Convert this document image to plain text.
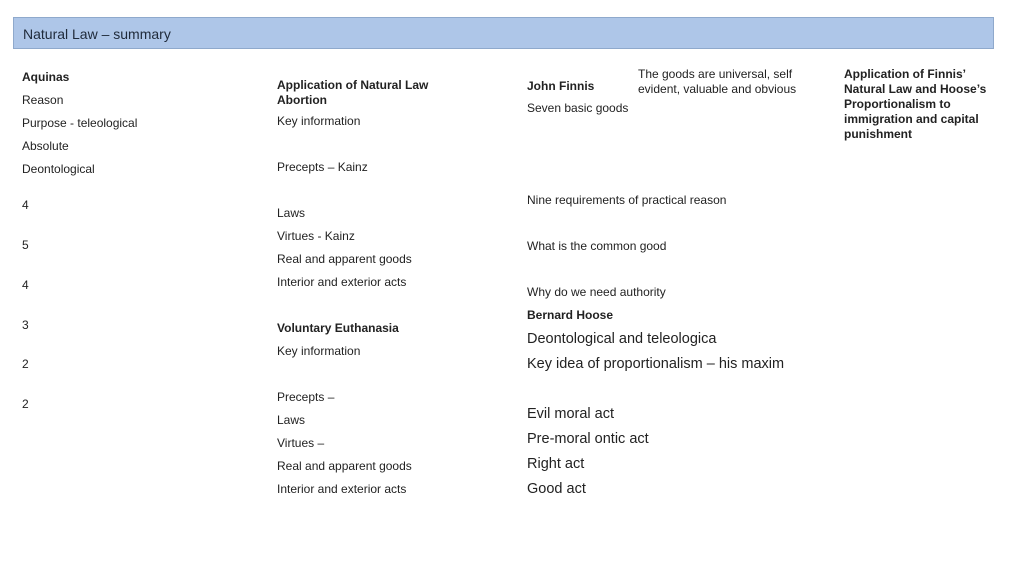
Natural Law – summary
Aquinas
Reason
Purpose - teleological
Absolute
Deontological
4
5
4
3
2
2
Application of Natural Law
Abortion
Key information
Precepts – Kainz
Laws
Virtues - Kainz
Real and apparent goods
Interior and exterior acts
Voluntary Euthanasia
Key information
Precepts –
Laws
Virtues –
Real and apparent goods
Interior and exterior acts
John Finnis
Seven basic goods
The goods are universal, self evident, valuable and obvious
Nine requirements of practical reason
What is the common good
Why do we need authority
Bernard Hoose
Deontological and teleologica
Key idea of proportionalism – his maxim
Evil moral act
Pre-moral ontic act
Right act
Good act
Application of Finnis’ Natural Law and Hoose’s Proportionalism to immigration and capital punishment
